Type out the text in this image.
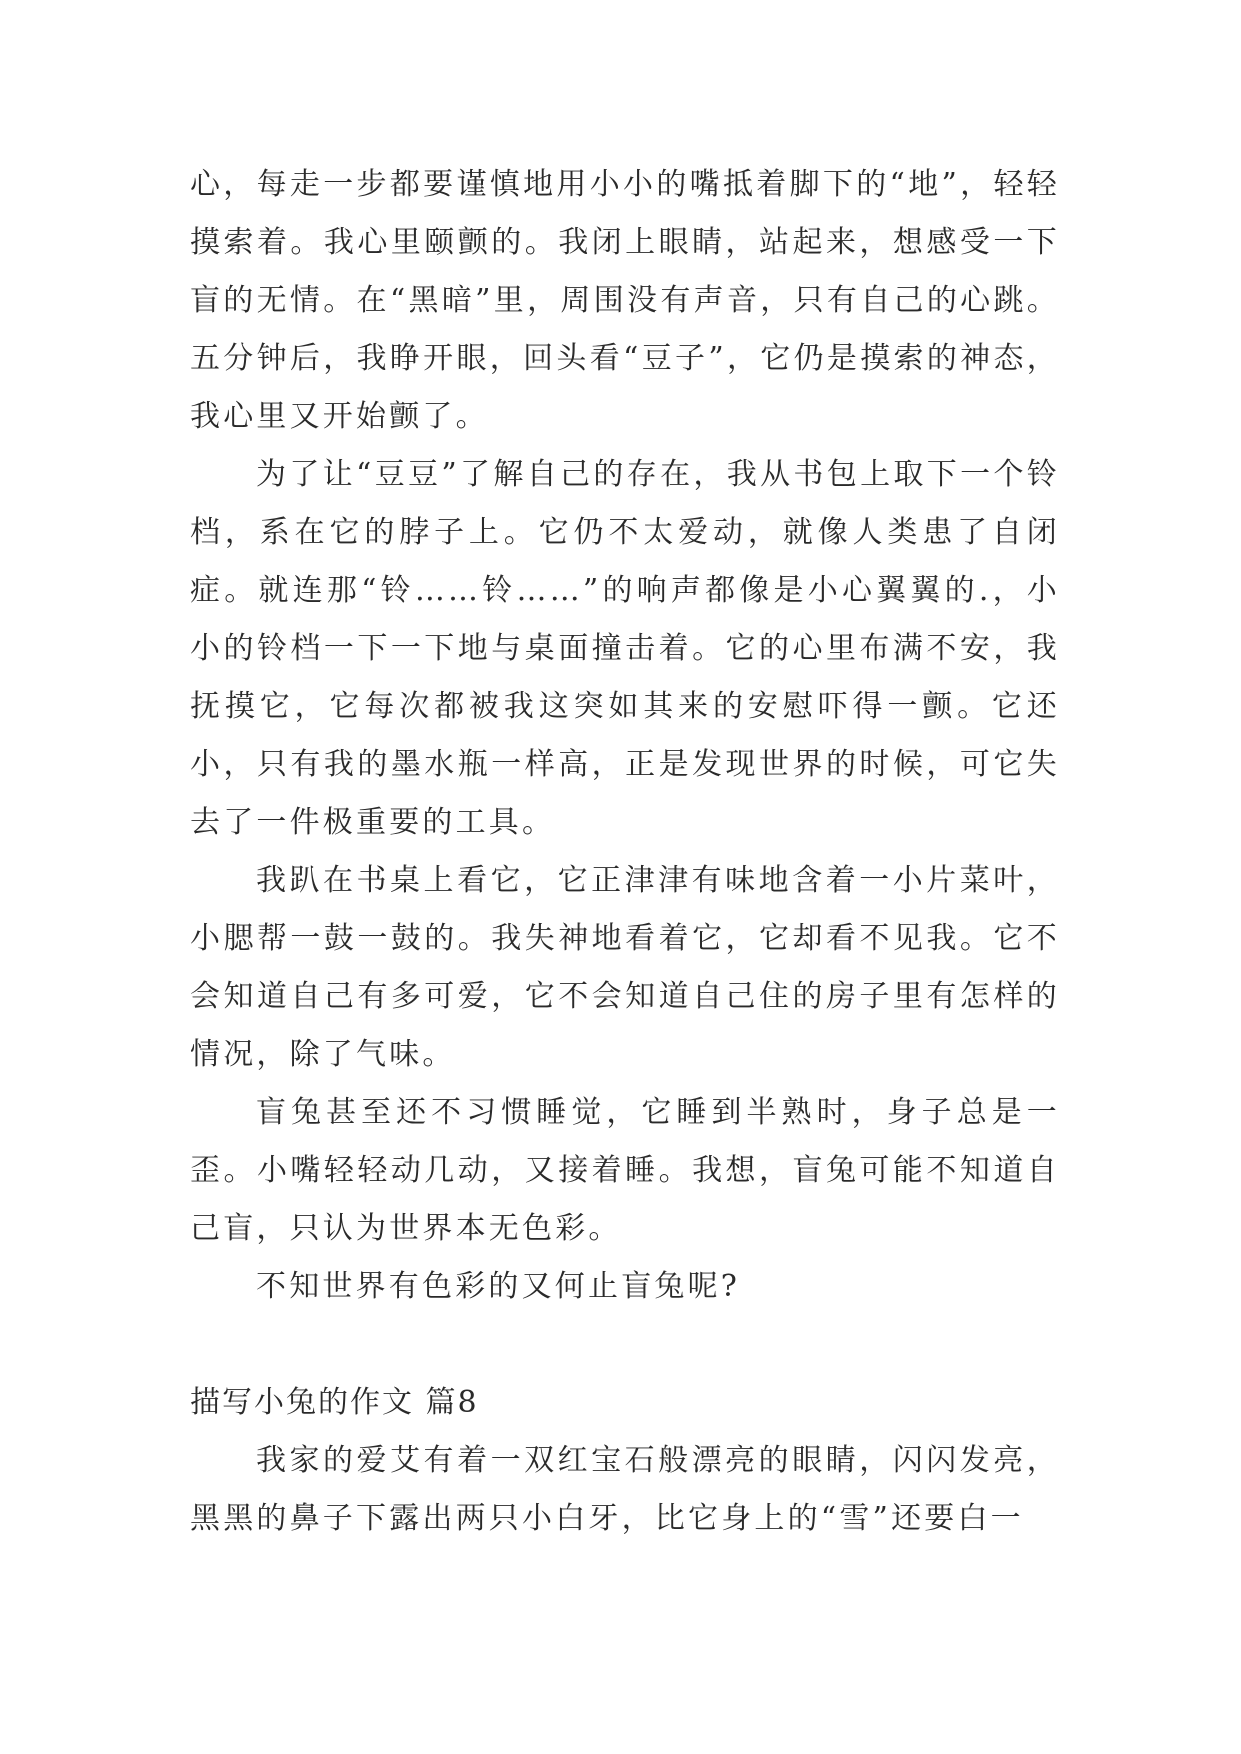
心，每走一步都要谨慎地用小小的嘴抵着脚下的“地”，轻轻摸索着。我心里颐颤的。我闭上眼睛，站起来，想感受一下盲的无情。在“黑暗”里，周围没有声音，只有自己的心跳。五分钟后，我睁开眼，回头看“豆子”，它仍是摸索的神态，我心里又开始颤了。

为了让“豆豆”了解自己的存在，我从书包上取下一个铃档，系在它的脖子上。它仍不太爱动，就像人类患了自闭症。就连那“铃……铃……”的响声都像是小心翼翼的.，小小的铃档一下一下地与桌面撞击着。它的心里布满不安，我抚摸它，它每次都被我这突如其来的安慰吓得一颤。它还小，只有我的墨水瓶一样高，正是发现世界的时候，可它失去了一件极重要的工具。

我趴在书桌上看它，它正津津有味地含着一小片菜叶，小腮帮一鼓一鼓的。我失神地看着它，它却看不见我。它不会知道自己有多可爱，它不会知道自己住的房子里有怎样的情况，除了气味。

盲兔甚至还不习惯睡觉，它睡到半熟时，身子总是一歪。小嘴轻轻动几动，又接着睡。我想，盲兔可能不知道自己盲，只认为世界本无色彩。

不知世界有色彩的又何止盲兔呢?

描写小兔的作文 篇8

我家的爱艾有着一双红宝石般漂亮的眼睛，闪闪发亮，黑黑的鼻子下露出两只小白牙，比它身上的“雪”还要白一
